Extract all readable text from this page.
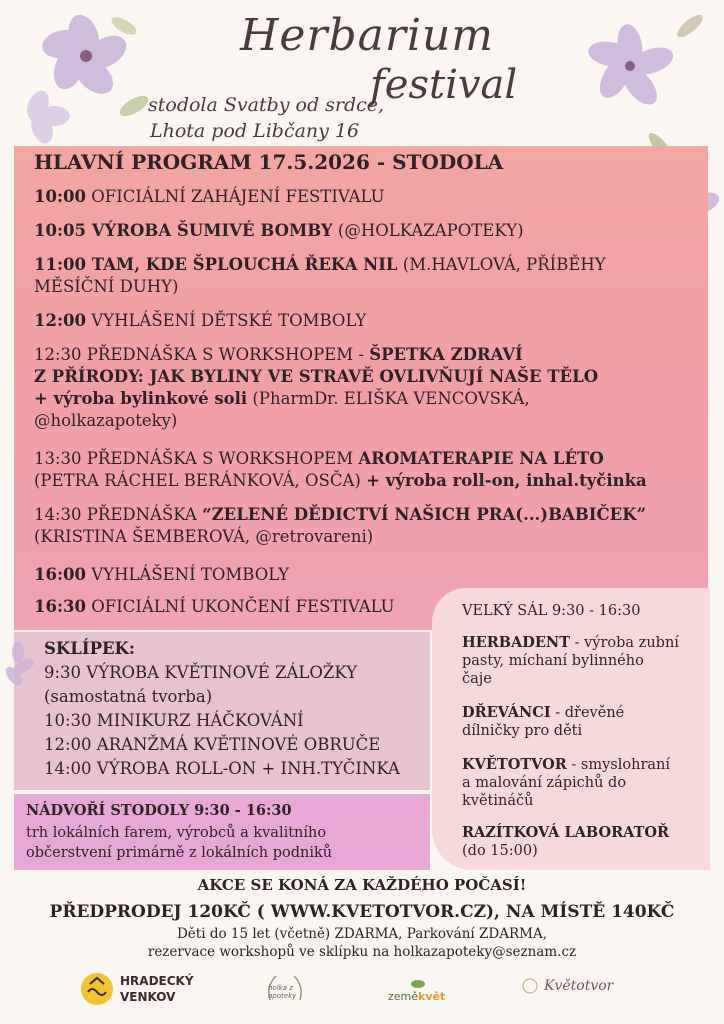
Herbarium
festival
stodola Svatby od srdce,
Lhota pod Libčany 16
HLAVNÍ PROGRAM 17.5.2026 - STODOLA
10:00 OFICIÁLNÍ ZAHÁJENÍ FESTIVALU
10:05 VÝROBA ŠUMIVÉ BOMBY (@HOLKAZAPOTEKY)
11:00 TAM, KDE ŠPLOUCHÁ ŘEKA NIL (M.HAVLOVÁ, PŘÍBĚHY
MĚSÍČNÍ DUHY)
12:00 VYHLÁŠENÍ DĚTSKÉ TOMBOLY
12:30 PŘEDNÁŠKA S WORKSHOPEM - ŠPETKA ZDRAVÍ
Z PŘÍRODY: JAK BYLINY VE STRAVĚ OVLIVŇUJÍ NAŠE TĚLO
+ výroba bylinkové soli (PharmDr. ELIŠKA VENCOVSKÁ,
@holkazapoteky)
13:30 PŘEDNÁŠKA S WORKSHOPEM AROMATERAPIE NA LÉTO
(PETRA RÁCHEL BERÁNKOVÁ, OSČA) + výroba roll-on, inhal.tyčinka
14:30 PŘEDNÁŠKA “ZELENÉ DĚDICTVÍ NAŠICH PRA(...)BABIČEK”
(KRISTINA ŠEMBEROVÁ, @retrovareni)
16:00 VYHLÁŠENÍ TOMBOLY
16:30 OFICIÁLNÍ UKONČENÍ FESTIVALU	VELKÝ SÁL 9:30 - 16:30
HERBADENT - výroba zubní
pasty, míchaní bylinného
čaje
DŘEVÁNCI - dřevěné
dílničky pro děti
KVĚTOTVOR - smyslohraní
a malování zápichů do
květináčů
RAZÍTKOVÁ LABORATOŘ
(do 15:00)
SKLÍPEK:
9:30 VÝROBA KVĚTINOVÉ ZÁLOŽKY
(samostatná tvorba)
10:30 MINIKURZ HÁČKOVÁNÍ
12:00 ARANŽMÁ KVĚTINOVÉ OBRUČE
14:00 VÝROBA ROLL-ON + INH.TYČINKA
NÁDVOŘÍ STODOLY 9:30 - 16:30
trh lokálních farem, výrobců a kvalitního
občerstvení primárně z lokálních podniků
AKCE SE KONÁ ZA KAŽDÉHO POČASÍ!
PŘEDPRODEJ 120KČ ( WWW.KVETOTVOR.CZ), NA MÍSTĚ 140KČ
Děti do 15 let (včetně) ZDARMA, Parkování ZDARMA,
rezervace workshopů ve sklípku na holkazapoteky@seznam.cz
HRADECKÝ
VENKOV
holka z apoteky	zeměkvět
Květotvor
